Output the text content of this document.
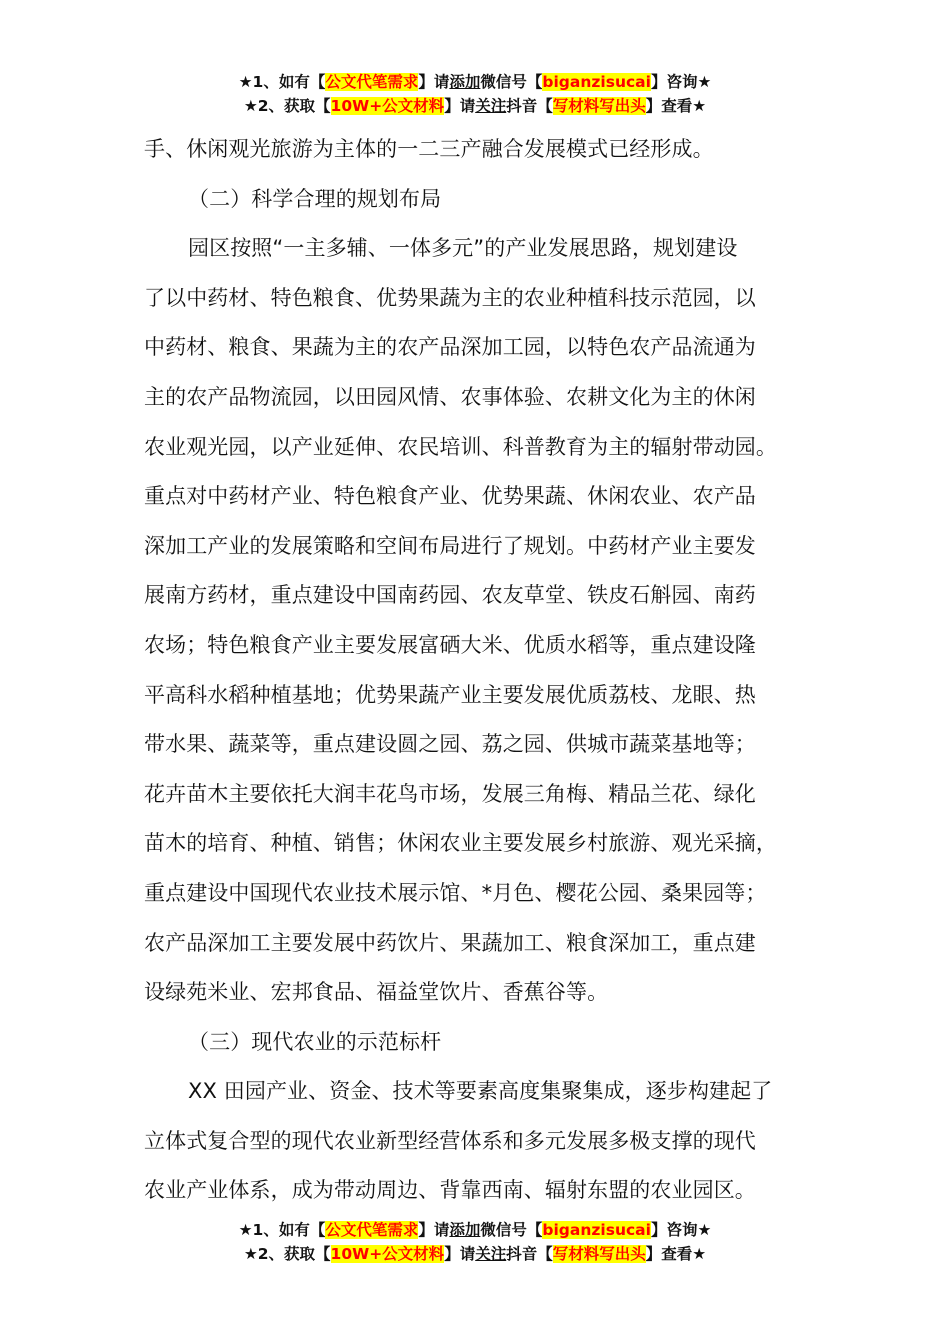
★1、如有【公文代笔需求】请添加微信号【biganzisucai】咨询★
★2、获取【10W+公文材料】请关注抖音【写材料写出头】查看★
手、休闲观光旅游为主体的一二三产融合发展模式已经形成。
（二）科学合理的规划布局
园区按照“一主多辅、一体多元”的产业发展思路，规划建设
了以中药材、特色粮食、优势果蔬为主的农业种植科技示范园，以
中药材、粮食、果蔬为主的农产品深加工园，以特色农产品流通为
主的农产品物流园，以田园风情、农事体验、农耕文化为主的休闲
农业观光园，以产业延伸、农民培训、科普教育为主的辐射带动园。
重点对中药材产业、特色粮食产业、优势果蔬、休闲农业、农产品
深加工产业的发展策略和空间布局进行了规划。中药材产业主要发
展南方药材，重点建设中国南药园、农友草堂、铁皮石斛园、南药
农场；特色粮食产业主要发展富硒大米、优质水稻等，重点建设隆
平高科水稻种植基地；优势果蔬产业主要发展优质荔枝、龙眼、热
带水果、蔬菜等，重点建设圆之园、荔之园、供城市蔬菜基地等；
花卉苗木主要依托大润丰花鸟市场，发展三角梅、精品兰花、绿化
苗木的培育、种植、销售；休闲农业主要发展乡村旅游、观光采摘，
重点建设中国现代农业技术展示馆、*月色、樱花公园、桑果园等；
农产品深加工主要发展中药饮片、果蔬加工、粮食深加工，重点建
设绿苑米业、宏邦食品、福益堂饮片、香蕉谷等。
（三）现代农业的示范标杆
XX 田园产业、资金、技术等要素高度集聚集成，逐步构建起了
立体式复合型的现代农业新型经营体系和多元发展多极支撑的现代
农业产业体系，成为带动周边、背靠西南、辐射东盟的农业园区。
★1、如有【公文代笔需求】请添加微信号【biganzisucai】咨询★
★2、获取【10W+公文材料】请关注抖音【写材料写出头】查看★
